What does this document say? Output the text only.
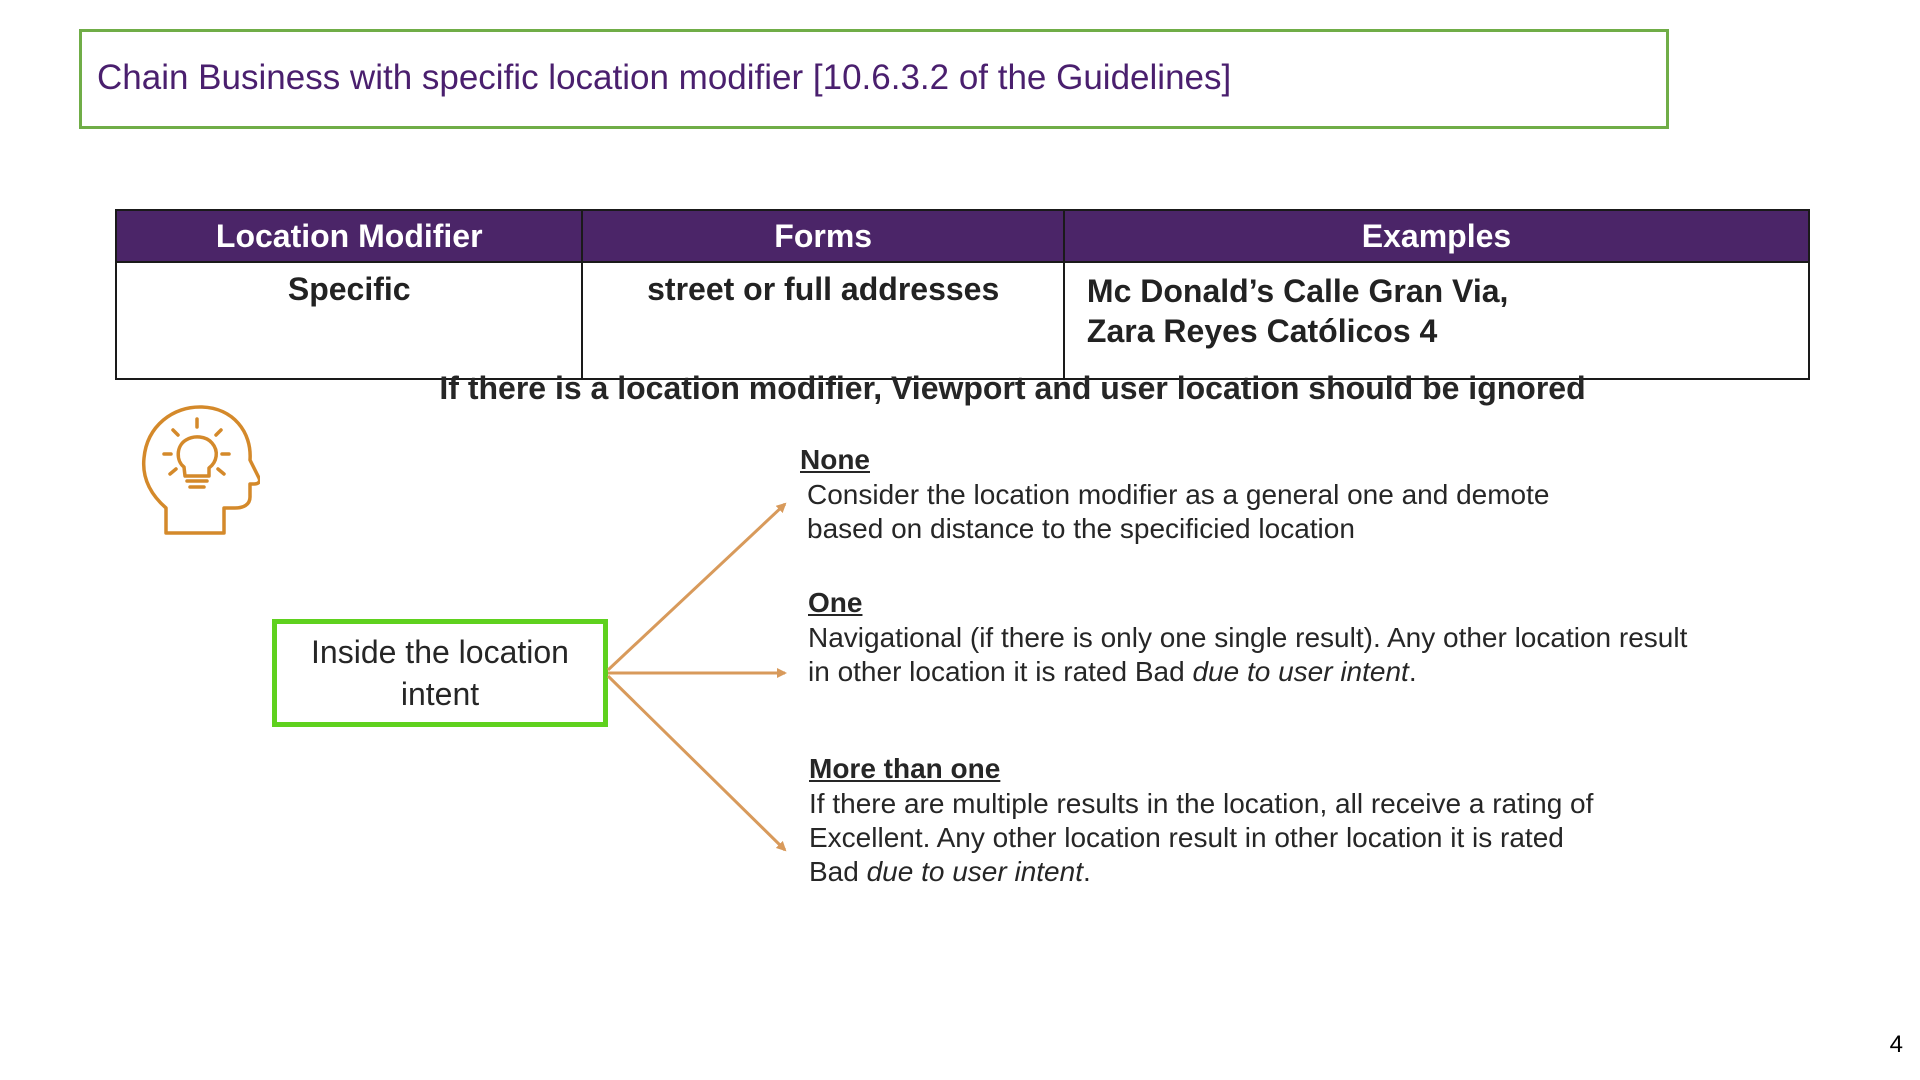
Chain Business with specific location modifier [10.6.3.2 of the Guidelines]
Location Modifier	Forms	Examples
Specific	street or full addresses	Mc Donald’s Calle Gran Via,
Zara Reyes Católicos 4
If there is a location modifier, Viewport and user location should be ignored
Inside the location intent
None
Consider the location modifier as a general one and demote
based on distance to the specificied location
One
Navigational (if there is only one single result). Any other location result
in other location it is rated Bad due to user intent.
More than one
If there are multiple results in the location, all receive a rating of
Excellent. Any other location result in other location it is rated
Bad due to user intent.
4
